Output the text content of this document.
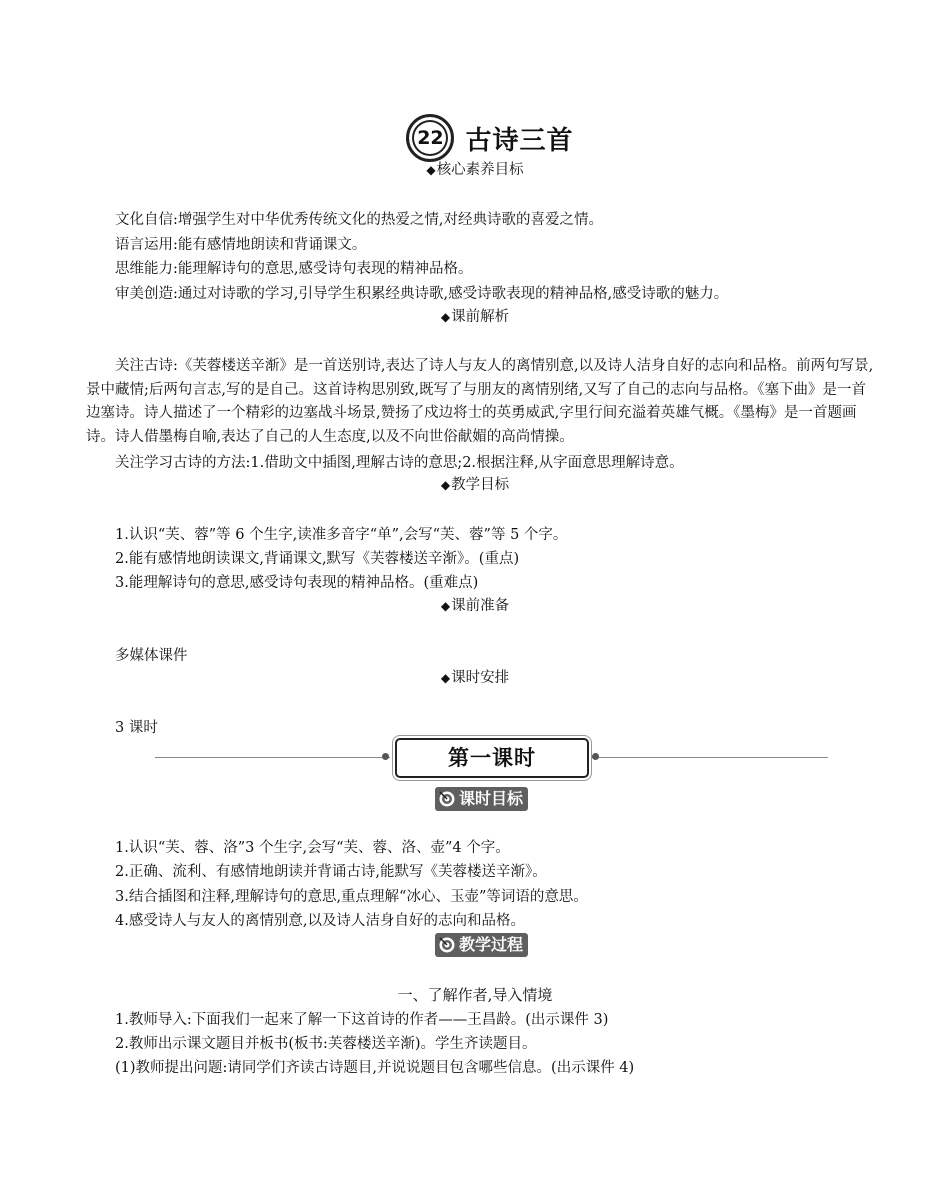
22 古诗三首
◆核心素养目标
文化自信:增强学生对中华优秀传统文化的热爱之情,对经典诗歌的喜爱之情。
语言运用:能有感情地朗读和背诵课文。
思维能力:能理解诗句的意思,感受诗句表现的精神品格。
审美创造:通过对诗歌的学习,引导学生积累经典诗歌,感受诗歌表现的精神品格,感受诗歌的魅力。
◆课前解析
关注古诗:《芙蓉楼送辛渐》是一首送别诗,表达了诗人与友人的离情别意,以及诗人洁身自好的志向和品格。前两句写景,景中藏情;后两句言志,写的是自己。这首诗构思别致,既写了与朋友的离情别绪,又写了自己的志向与品格。《塞下曲》是一首边塞诗。诗人描述了一个精彩的边塞战斗场景,赞扬了戍边将士的英勇威武,字里行间充溢着英雄气概。《墨梅》是一首题画诗。诗人借墨梅自喻,表达了自己的人生态度,以及不向世俗献媚的高尚情操。
关注学习古诗的方法:1.借助文中插图,理解古诗的意思;2.根据注释,从字面意思理解诗意。
◆教学目标
1.认识“芙、蓉”等 6 个生字,读准多音字“单”,会写“芙、蓉”等 5 个字。
2.能有感情地朗读课文,背诵课文,默写《芙蓉楼送辛渐》。(重点)
3.能理解诗句的意思,感受诗句表现的精神品格。(重难点)
◆课前准备
多媒体课件
◆课时安排
3 课时
第一课时
课时目标
1.认识“芙、蓉、洛”3 个生字,会写“芙、蓉、洛、壶”4 个字。
2.正确、流利、有感情地朗读并背诵古诗,能默写《芙蓉楼送辛渐》。
3.结合插图和注释,理解诗句的意思,重点理解“冰心、玉壶”等词语的意思。
4.感受诗人与友人的离情别意,以及诗人洁身自好的志向和品格。
教学过程
一、了解作者,导入情境
1.教师导入:下面我们一起来了解一下这首诗的作者——王昌龄。(出示课件 3)
2.教师出示课文题目并板书(板书:芙蓉楼送辛渐)。学生齐读题目。
(1)教师提出问题:请同学们齐读古诗题目,并说说题目包含哪些信息。(出示课件 4)
